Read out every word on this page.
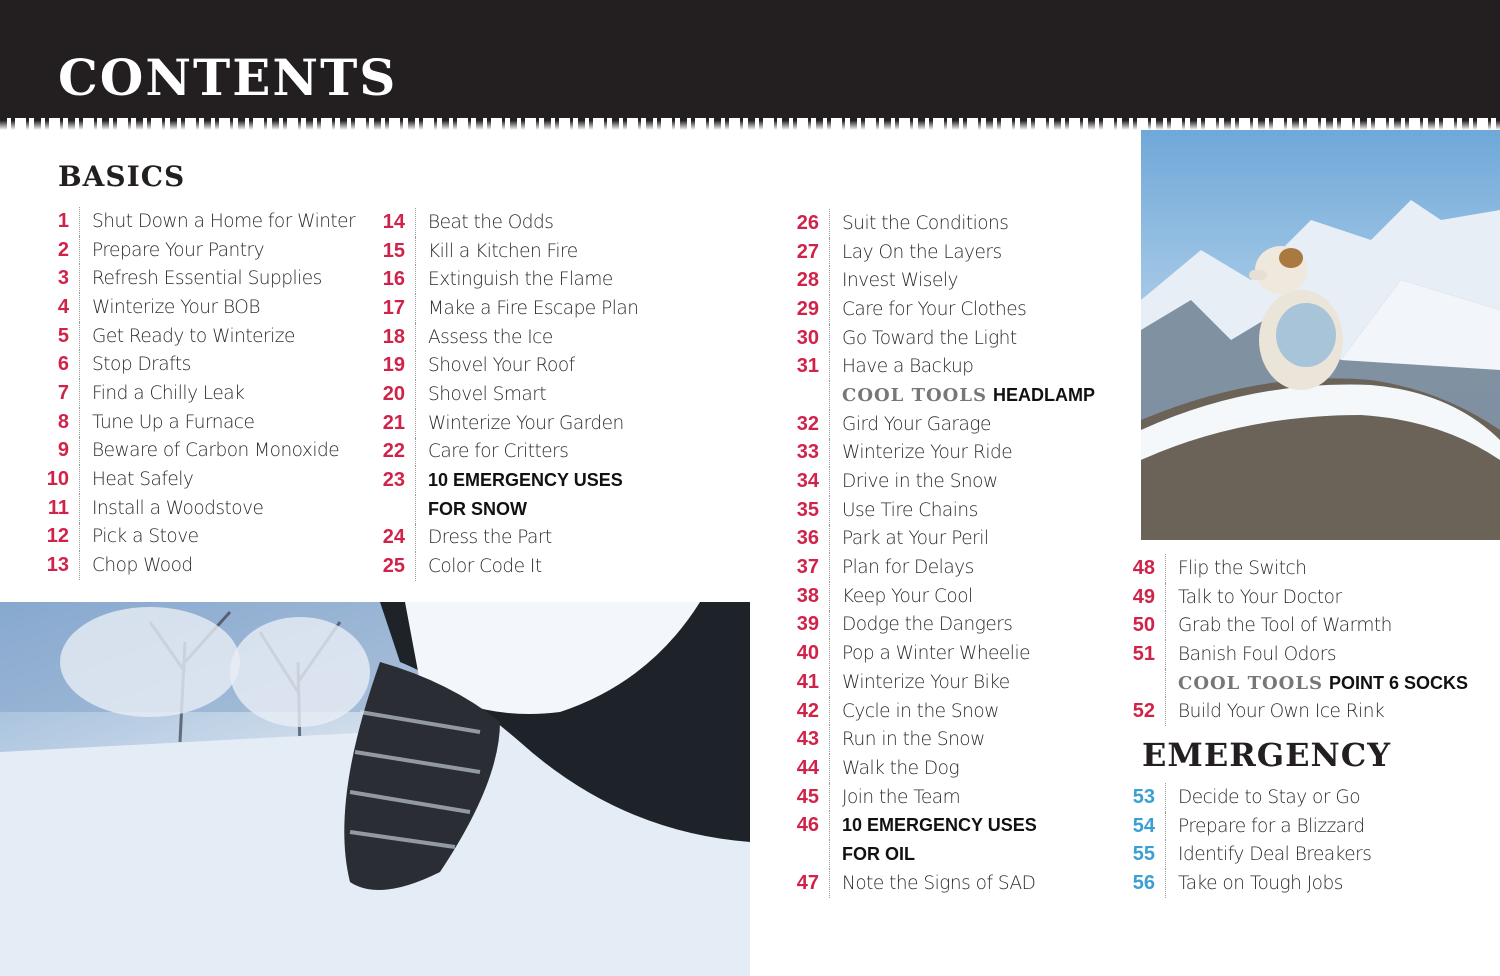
CONTENTS
BASICS
EMERGENCY
1	Shut Down a Home for Winter
2	Prepare Your Pantry
3	Refresh Essential Supplies
4	Winterize Your BOB
5	Get Ready to Winterize
6	Stop Drafts
7	Find a Chilly Leak
8	Tune Up a Furnace
9	Beware of Carbon Monoxide
10	Heat Safely
11	Install a Woodstove
12	Pick a Stove
13	Chop Wood
14	Beat the Odds
15	Kill a Kitchen Fire
16	Extinguish the Flame
17	Make a Fire Escape Plan
18	Assess the Ice
19	Shovel Your Roof
20	Shovel Smart
21	Winterize Your Garden
22	Care for Critters
23	10 EMERGENCY USES
FOR SNOW
24	Dress the Part
25	Color Code It
26	Suit the Conditions
27	Lay On the Layers
28	Invest Wisely
29	Care for Your Clothes
30	Go Toward the Light
31	Have a Backup
COOL TOOLS HEADLAMP
32	Gird Your Garage
33	Winterize Your Ride
34	Drive in the Snow
35	Use Tire Chains
36	Park at Your Peril
37	Plan for Delays
38	Keep Your Cool
39	Dodge the Dangers
40	Pop a Winter Wheelie
41	Winterize Your Bike
42	Cycle in the Snow
43	Run in the Snow
44	Walk the Dog
45	Join the Team
46	10 EMERGENCY USES
FOR OIL
47	Note the Signs of SAD
48	Flip the Switch
49	Talk to Your Doctor
50	Grab the Tool of Warmth
51	Banish Foul Odors
COOL TOOLS POINT 6 SOCKS
52	Build Your Own Ice Rink
53	Decide to Stay or Go
54	Prepare for a Blizzard
55	Identify Deal Breakers
56	Take on Tough Jobs
